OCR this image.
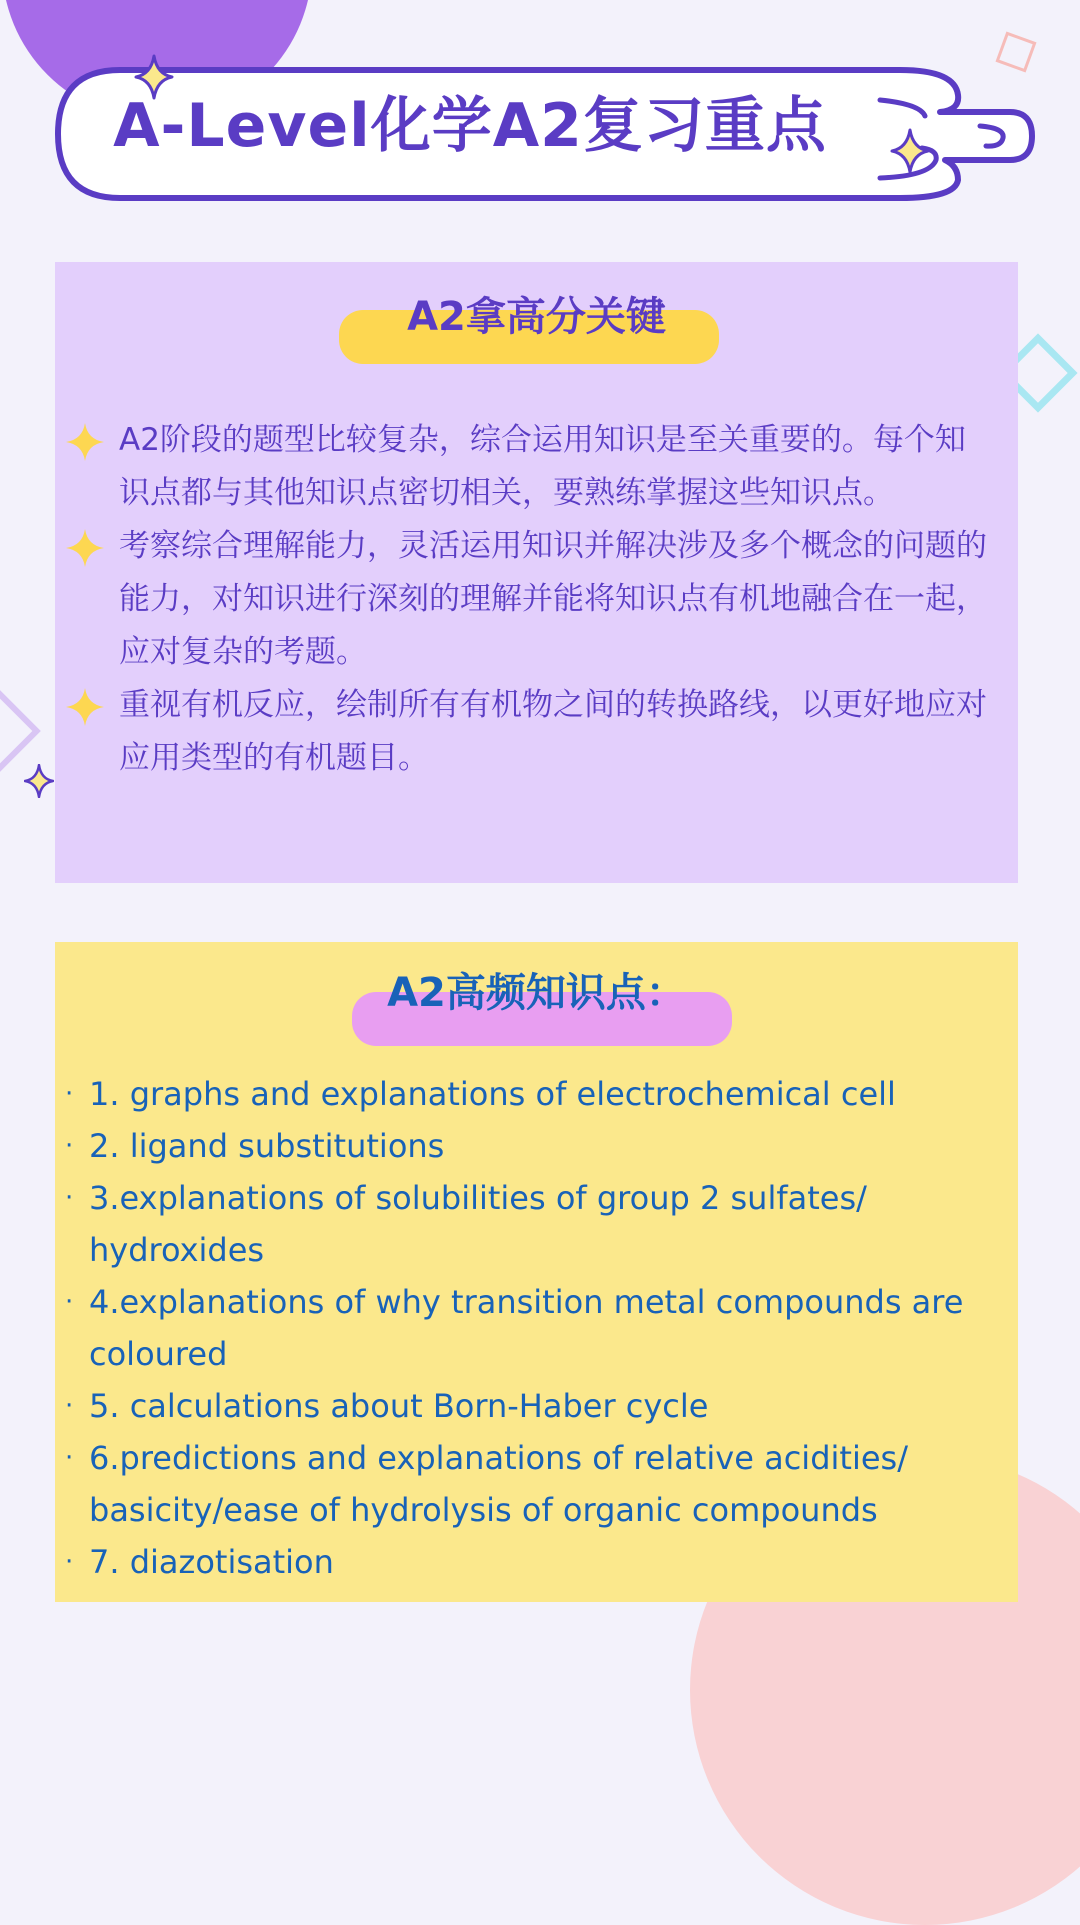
A-Level化学A2复习重点
A2拿高分关键
A2阶段的题型比较复杂，综合运用知识是至关重要的。每个知识点都与其他知识点密切相关，要熟练掌握这些知识点。
考察综合理解能力，灵活运用知识并解决涉及多个概念的问题的能力，对知识进行深刻的理解并能将知识点有机地融合在一起，应对复杂的考题。
重视有机反应，绘制所有有机物之间的转换路线，以更好地应对应用类型的有机题目。
A2高频知识点：
· 1. graphs and explanations of electrochemical cell
· 2. ligand substitutions
· 3.explanations of solubilities of group 2 sulfates/ hydroxides
· 4.explanations of why transition metal compounds are coloured
· 5. calculations about Born-Haber cycle
· 6.predictions and explanations of relative acidities/ basicity/ease of hydrolysis of organic compounds
· 7. diazotisation
